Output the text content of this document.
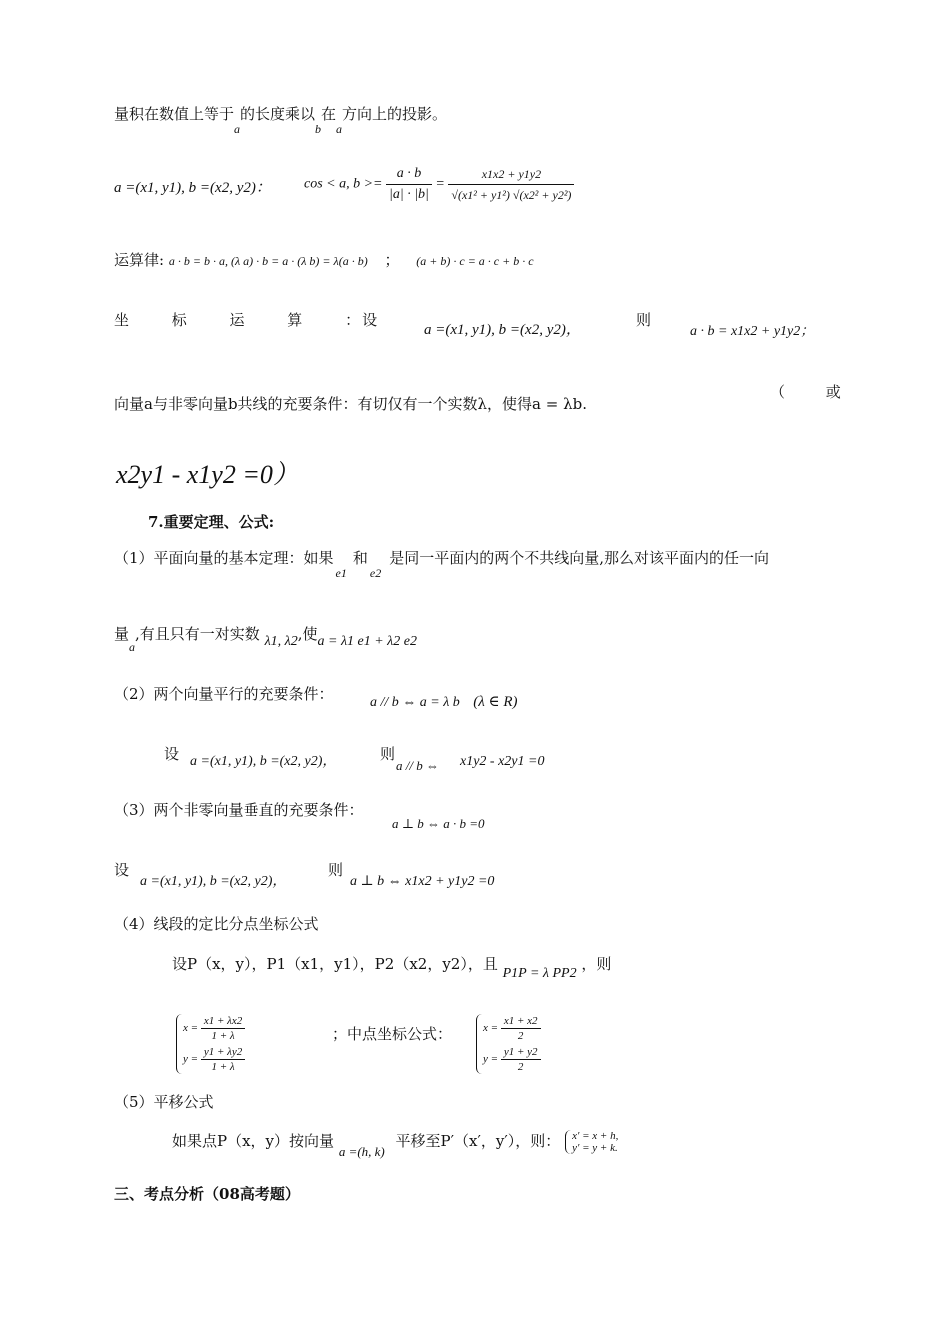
量积在数值上等于$_a$的长度乘以$_b$在$_a$方向上的投影。
a =(x1, y1), b =(x2, y2)： cos < a, $b >= \frac{a \cdot b}{|a| \cdot |b|} = \frac{x1x2 + y1y2}{\text{√(x1² + y1²) √(x2² + y2²)}}$
运算律: a · b = b · a, (λ a) · b = a · (λ b) = λ(a · b) ； (a + b) · c = a · c + b · c
坐 标 运 算 ：设
a =(x1, y1), b =(x2, y2)，
则
a · b = x1x2 + y1y2；
向量a与非零向量b共线的充要条件：有切仅有一个实数λ，使得a = λb.
（ 或
x2y1 - x1y2 =0）
7.重要定理、公式:
（1）平面向量的基本定理：如果$_{e1}$和$_{e2}$是同一平面内的两个不共线向量,那么对该平面内的任一向
量$_a$,有且只有一对实数 λ1, λ2,使a = λ1 e1 + λ2 e2
（2）两个向量平行的充要条件：	a // b ⇔ a = λ b (λ ∈ R)
设 a =(x1, y1), b =(x2, y2)，	则
a // b ⇔ x1y2 - x2y1 =0
（3）两个非零向量垂直的充要条件：
a ⊥ b ⇔ a · b =0
设
a =(x1, y1), b =(x2, y2)，
则
a ⊥ b ⇔ x1x2 + y1y2 =0
（4）线段的定比分点坐标公式
设P（x，y），P1（x1，y1），P2（x2，y2），且 P1P = λ PP2 ，则
$x = \frac{x1 + \lambda x2}{1 + \lambda}$
$y = \frac{y1 + \lambda y2}{1 + \lambda}$
；中点坐标公式：	$x = \frac{x1 + x2}{2}$
$y = \frac{y1 + y2}{2}$
（5）平移公式
如果点P（x，y）按向量 a =(h, k) 平移至P′（x′，y′），则： x′ = x + h,
y′ = y + k.
三、考点分析（08高考题）
